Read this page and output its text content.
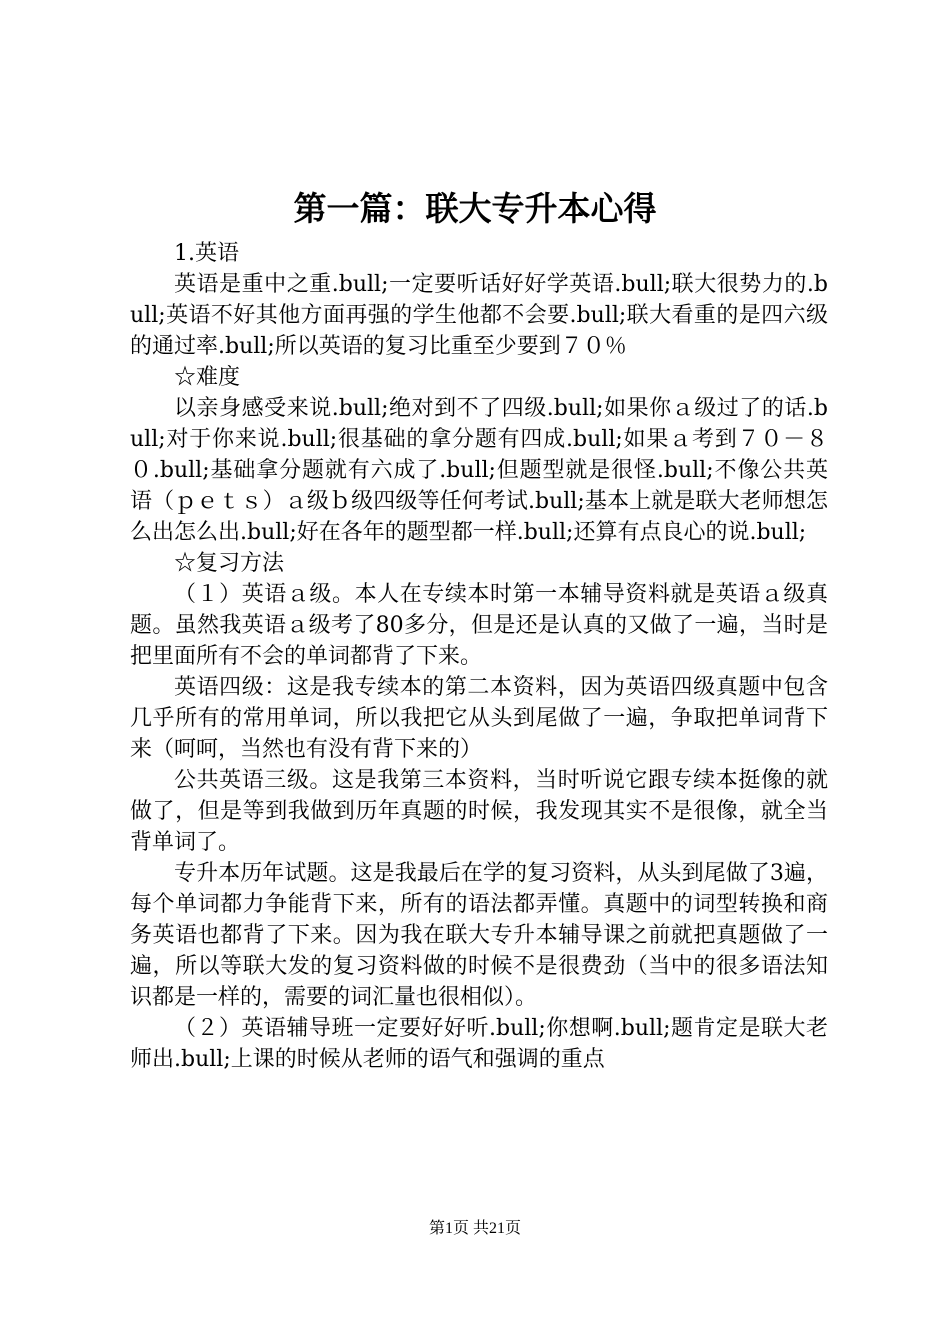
第一篇：联大专升本心得

1.英语

英语是重中之重.bull;一定要听话好好学英语.bull;联大很势力的.bull;英语不好其他方面再强的学生他都不会要.bull;联大看重的是四六级的通过率.bull;所以英语的复习比重至少要到７０％

☆难度

以亲身感受来说.bull;绝对到不了四级.bull;如果你ａ级过了的话.bull;对于你来说.bull;很基础的拿分题有四成.bull;如果ａ考到７０－８０.bull;基础拿分题就有六成了.bull;但题型就是很怪.bull;不像公共英语（ｐｅｔｓ）ａ级ｂ级四级等任何考试.bull;基本上就是联大老师想怎么出怎么出.bull;好在各年的题型都一样.bull;还算有点良心的说.bull;

☆复习方法

（１）英语ａ级。本人在专续本时第一本辅导资料就是英语ａ级真题。虽然我英语ａ级考了80多分，但是还是认真的又做了一遍，当时是把里面所有不会的单词都背了下来。

英语四级：这是我专续本的第二本资料，因为英语四级真题中包含几乎所有的常用单词，所以我把它从头到尾做了一遍，争取把单词背下来（呵呵，当然也有没有背下来的）

公共英语三级。这是我第三本资料，当时听说它跟专续本挺像的就做了，但是等到我做到历年真题的时候，我发现其实不是很像，就全当背单词了。

专升本历年试题。这是我最后在学的复习资料，从头到尾做了3遍，每个单词都力争能背下来，所有的语法都弄懂。真题中的词型转换和商务英语也都背了下来。因为我在联大专升本辅导课之前就把真题做了一遍，所以等联大发的复习资料做的时候不是很费劲（当中的很多语法知识都是一样的，需要的词汇量也很相似）。

（２）英语辅导班一定要好好听.bull;你想啊.bull;题肯定是联大老师出.bull;上课的时候从老师的语气和强调的重点

第1页 共21页
